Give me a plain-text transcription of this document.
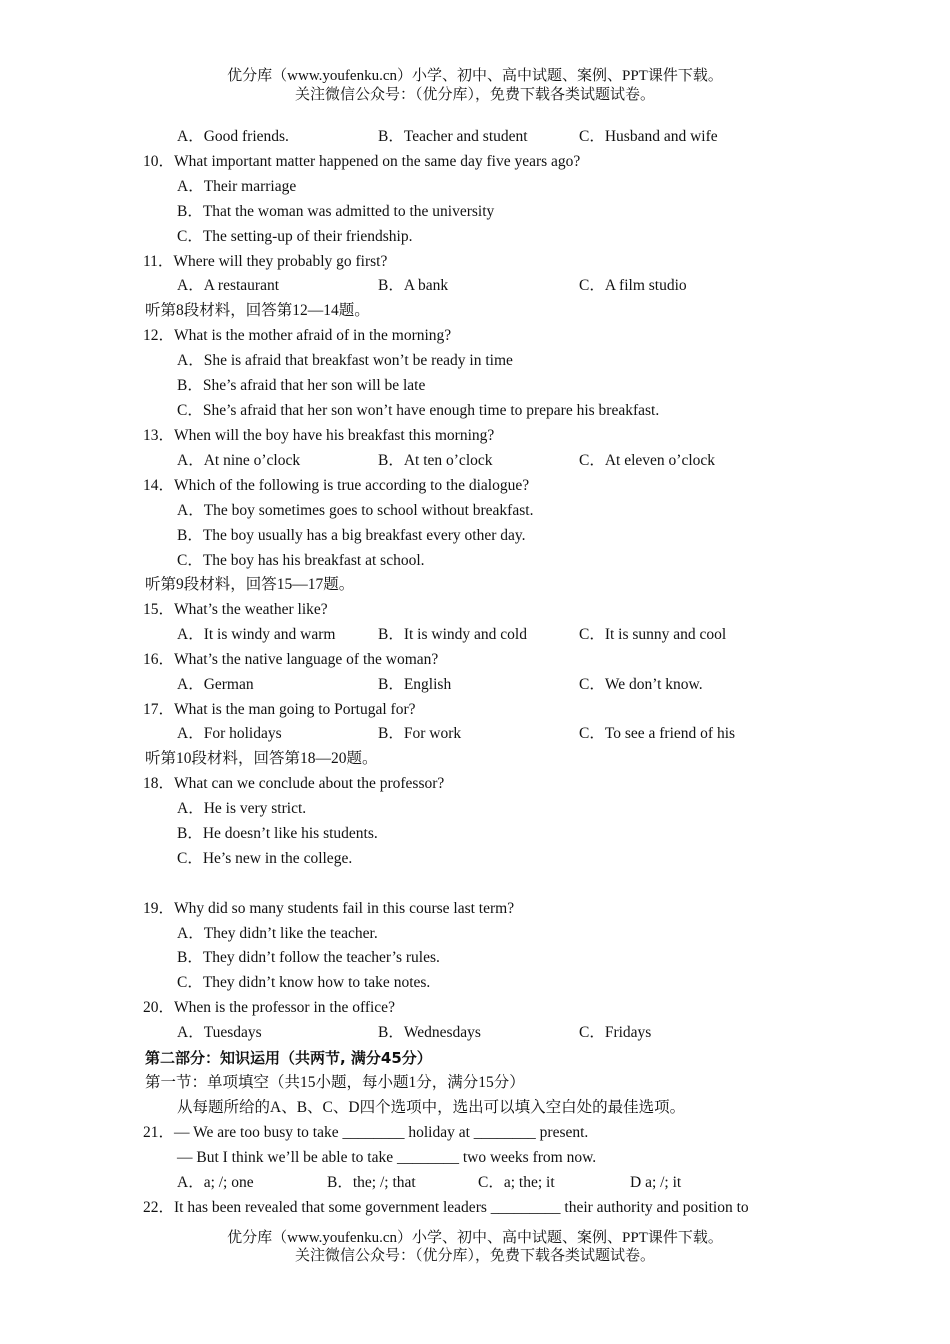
优分库（www.youfenku.cn）小学、初中、高中试题、案例、PPT课件下载。
关注微信公众号：（优分库），免费下载各类试题试卷。
A．Good friends.	B．Teacher and student	C．Husband and wife
10．What important matter happened on the same day five years ago?
A．Their marriage
B．That the woman was admitted to the university
C．The setting-up of their friendship.
11．Where will they probably go first?
A．A restaurant	B．A bank	C．A film studio
听第8段材料，回答第12—14题。
12．What is the mother afraid of in the morning?
A．She is afraid that breakfast won’t be ready in time
B．She’s afraid that her son will be late
C．She’s afraid that her son won’t have enough time to prepare his breakfast.
13．When will the boy have his breakfast this morning?
A．At nine o’clock	B．At ten o’clock	C．At eleven o’clock
14．Which of the following is true according to the dialogue?
A．The boy sometimes goes to school without breakfast.
B．The boy usually has a big breakfast every other day.
C．The boy has his breakfast at school.
听第9段材料，回答15—17题。
15．What’s the weather like?
A．It is windy and warm	B．It is windy and cold	C．It is sunny and cool
16．What’s the native language of the woman?
A．German	B．English	C．We don’t know.
17．What is the man going to Portugal for?
A．For holidays	B．For work	C．To see a friend of his
听第10段材料，回答第18—20题。
18．What can we conclude about the professor?
A．He is very strict.
B．He doesn’t like his students.
C．He’s new in the college.
19．Why did so many students fail in this course last term?
A．They didn’t like the teacher.
B．They didn’t follow the teacher’s rules.
C．They didn’t know how to take notes.
20．When is the professor in the office?
A．Tuesdays	B．Wednesdays	C．Fridays
第二部分：知识运用（共两节, 满分45分）
第一节：单项填空（共15小题，每小题1分，满分15分）
从每题所给的A、B、C、D四个选项中，选出可以填入空白处的最佳选项。
21．— We are too busy to take ________ holiday at ________ present.
— But I think we’ll be able to take ________ two weeks from now.
A．a; /; one	B．the; /; that	C．a; the; it	D a; /; it
22．It has been revealed that some government leaders _________ their authority and position to
优分库（www.youfenku.cn）小学、初中、高中试题、案例、PPT课件下载。
关注微信公众号：（优分库），免费下载各类试题试卷。
